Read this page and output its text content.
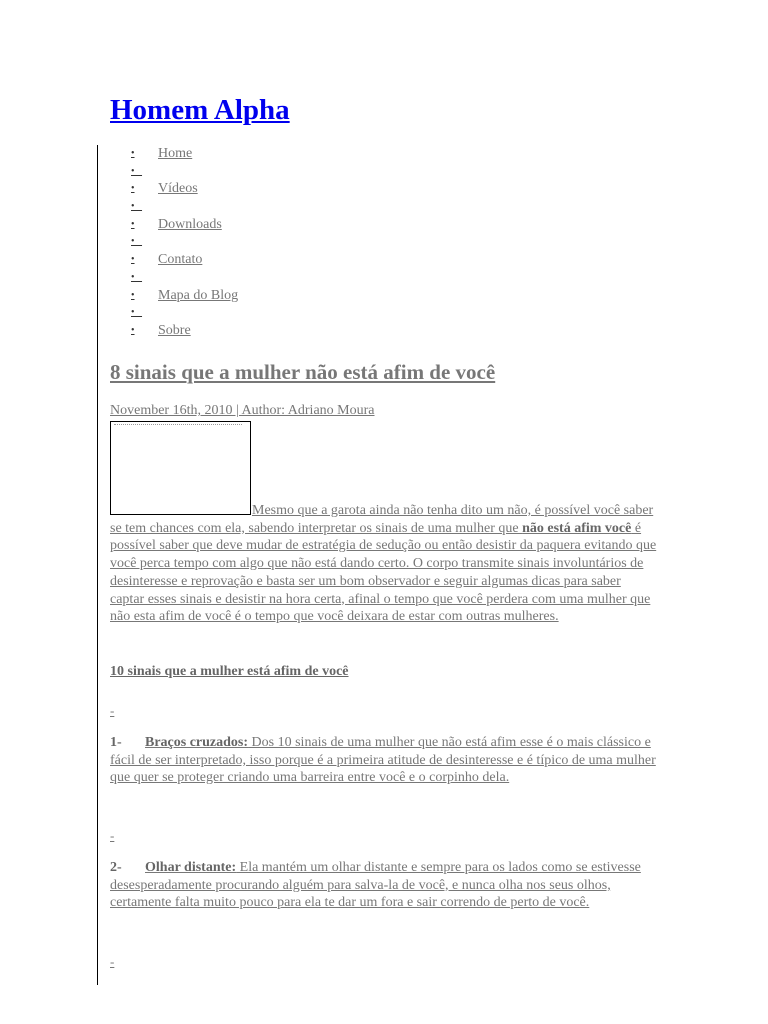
Homem Alpha
• Home
•
• Vídeos
•
• Downloads
•
• Contato
•
• Mapa do Blog
•
• Sobre
8 sinais que a mulher não está afim de você
November 16th, 2010 | Author: Adriano Moura

Mesmo que a garota ainda não tenha dito um não, é possível você saber se tem chances com ela, sabendo interpretar os sinais de uma mulher que não está afim você é possível saber que deve mudar de estratégia de sedução ou então desistir da paquera evitando que você perca tempo com algo que não está dando certo. O corpo transmite sinais involuntários de desinteresse e reprovação e basta ser um bom observador e seguir algumas dicas para saber captar esses sinais e desistir na hora certa, afinal o tempo que você perdera com uma mulher que não esta afim de você é o tempo que você deixara de estar com outras mulheres.

10 sinais que a mulher está afim de você
-

1- Braços cruzados: Dos 10 sinais de uma mulher que não está afim esse é o mais clássico e fácil de ser interpretado, isso porque é a primeira atitude de desinteresse e é típico de uma mulher que quer se proteger criando uma barreira entre você e o corpinho dela.

-

2- Olhar distante: Ela mantém um olhar distante e sempre para os lados como se estivesse desesperadamente procurando alguém para salva-la de você, e nunca olha nos seus olhos, certamente falta muito pouco para ela te dar um fora e sair correndo de perto de você.

-
